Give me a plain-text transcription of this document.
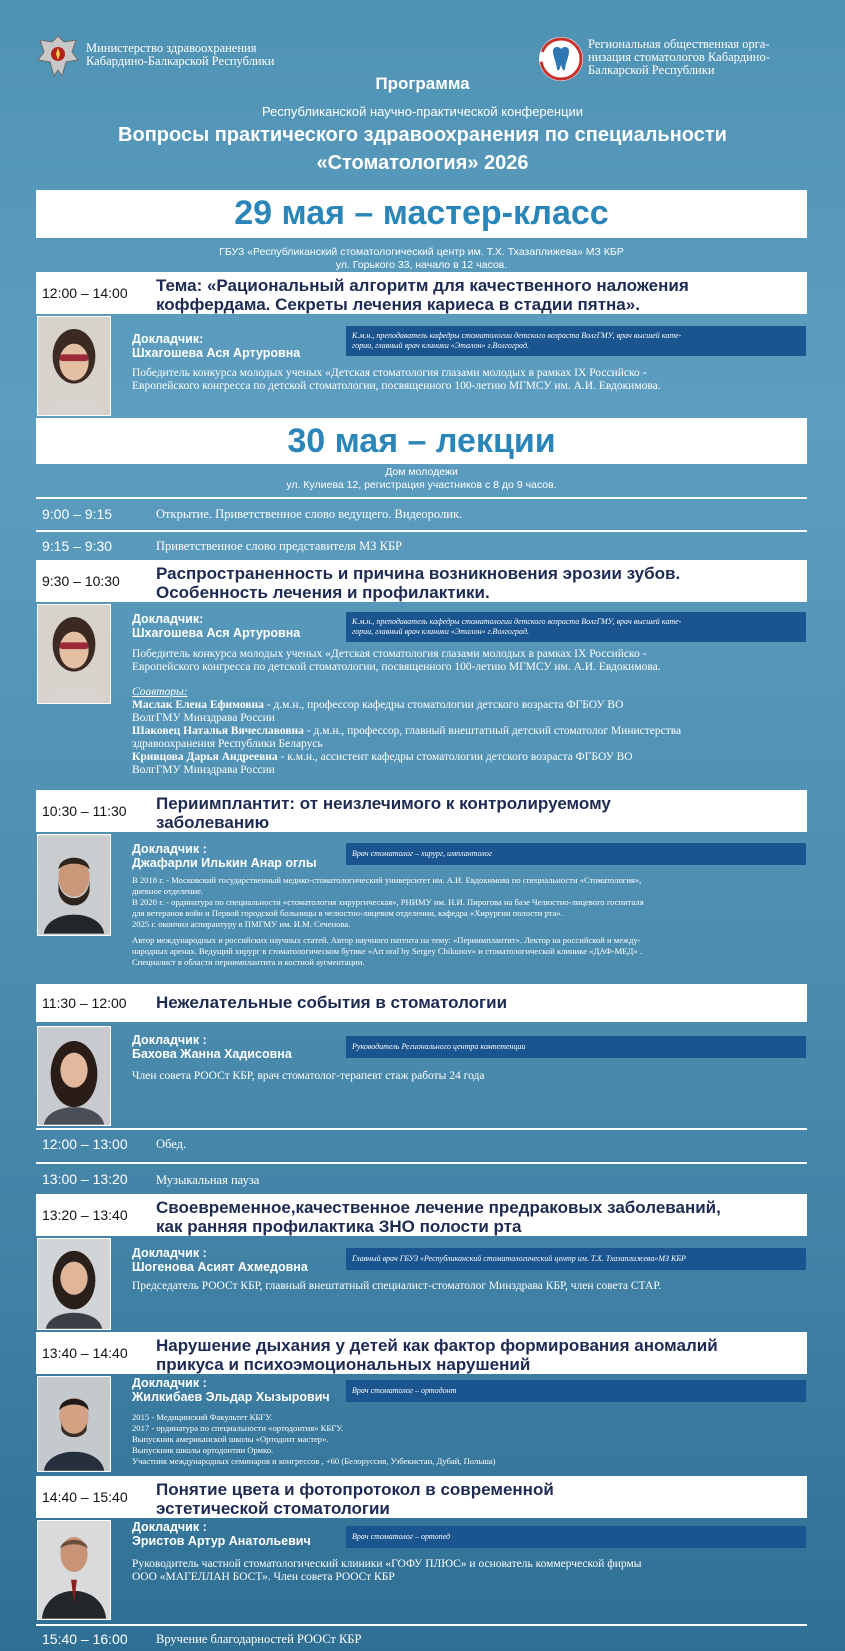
Министерство здравоохранения
Кабардино-Балкарской Республики
Региональная общественная орга-
низация стоматологов Кабардино-
Балкарской Республики
Программа
Республиканской научно-практической конференции
Вопросы практического здравоохранения по специальности
«Стоматология» 2026
29 мая – мастер-класс
ГБУЗ «Республиканский стоматологический центр им. Т.Х. Тхазаплижева» МЗ КБР
ул. Горького 33, начало в 12 часов.
12:00 – 14:00	Тема: «Рациональный алгоритм для качественного наложения
коффердама. Секреты лечения кариеса в стадии пятна».
Докладчик:
Шхагошева Ася Артуровна
К.м.н., преподаватель кафедры стоматологии детского возраста ВолгГМУ, врач высшей кате-
гории, главный врач клиники «Эталон» г.Волгоград.
Победитель конкурса молодых ученых «Детская стоматология глазами молодых в рамках IX Российско -
Европейского конгресса по детской стоматологии, посвященного 100-летию МГМСУ им. А.И. Евдокимова.
30 мая – лекции
Дом молодежи
ул. Кулиева 12, регистрация участников с 8 до 9 часов.
9:00 – 9:15	Открытие. Приветственное слово ведущего. Видеоролик.
9:15 – 9:30	Приветственное слово представителя МЗ КБР
9:30 – 10:30	Распространенность и причина возникновения эрозии зубов.
Особенность лечения и профилактики.
Докладчик:
Шхагошева Ася Артуровна
К.м.н., преподаватель кафедры стоматологии детского возраста ВолгГМУ, врач высшей кате-
гории, главный врач клиники «Эталон» г.Волгоград.
Победитель конкурса молодых ученых «Детская стоматология глазами молодых в рамках IX Российско -
Европейского конгресса по детской стоматологии, посвященного 100-летию МГМСУ им. А.И. Евдокимова.
Соавторы:
Маслак Елена Ефимовна - д.м.н., профессор кафедры стоматологии детского возраста ФГБОУ ВО
ВолгГМУ Минздрава России
Шаковец Наталья Вячеславовна - д.м.н., профессор, главный внештатный детский стоматолог Министерства
здравоохранения Республики Беларусь
Кривцова Дарья Андреевна - к.м.н., ассистент кафедры стоматологии детского возраста ФГБОУ ВО
ВолгГМУ Минздрава России
10:30 – 11:30	Периимплантит: от неизлечимого к контролируемому
заболеванию
Докладчик :
Джафарли Илькин Анар оглы
Врач стоматолог – хирург, имплантолог
В 2018 г. - Московский государственный медико-стоматологический университет им. А.И. Евдокимова по специальности «Стоматология»,
дневное отделение.
В 2020 г. - ординатура по специальности «стоматология хирургическая», РНИМУ им. Н.И. Пирогова на базе Челюстно-лицевого госпиталя
для ветеранов войн и Первой городской больницы в челюстно-лицевом отделении, кафедра «Хирургии полости рта».
2025 г. окончил аспирантуру в ПМГМУ им. И.М. Сеченова.
Автор международных и российских научных статей. Автор научного патента на тему: «Периимплантит». Лектор на российской и между-
народных аренах. Ведущий хирург в стоматологическом бутике «Art oral by Sergey Chikunov» и стоматологической клинике «ДАФ-МЕД» .
Специалист в области периимплантита и костной аугментации.
11:30 – 12:00	Нежелательные события в стоматологии
Докладчик :
Бахова Жанна Хадисовна
Руководитель Регионального центра компетенции
Член совета РООСт КБР, врач стоматолог-терапевт стаж работы 24 года
12:00 – 13:00	Обед.
13:00 – 13:20	Музыкальная пауза
13:20 – 13:40	Своевременное,качественное лечение предраковых заболеваний,
как ранняя профилактика ЗНО полости рта
Докладчик :
Шогенова Асият Ахмедовна
Главный врач ГБУЗ «Республиканский стоматологический центр им. Т.Х. Тхазаплижева»МЗ КБР
Председатель РООСт КБР, главный внештатный специалист-стоматолог Минздрава КБР, член совета СТАР.
13:40 – 14:40	Нарушение дыхания у детей как фактор формирования аномалий
прикуса и психоэмоциональных нарушений
Докладчик :
Жилкибаев Эльдар Хызырович	Врач стоматолог – ортодонт
2015 - Медицинский Факультет КБГУ.
2017 - ординатура по специальности «ортодонтия» КБГУ.
Выпускник американской школы «Ортодонт мастер».
Выпускник школы ортодонтии Ормко.
Участник международных семинаров и конгрессов , +60 (Белоруссия, Узбекистан, Дубай, Польша)
14:40 – 15:40	Понятие цвета и фотопротокол в современной
эстетической стоматологии
Докладчик :
Эристов Артур Анатольевич	Врач стоматолог – ортопед
Руководитель частной стоматологический клиники «ГОФУ ПЛЮС» и основатель коммерческой фирмы
ООО «МАГЕЛЛАН БОСТ». Член совета РООСт КБР
15:40 – 16:00	Вручение благодарностей РООСт КБР
